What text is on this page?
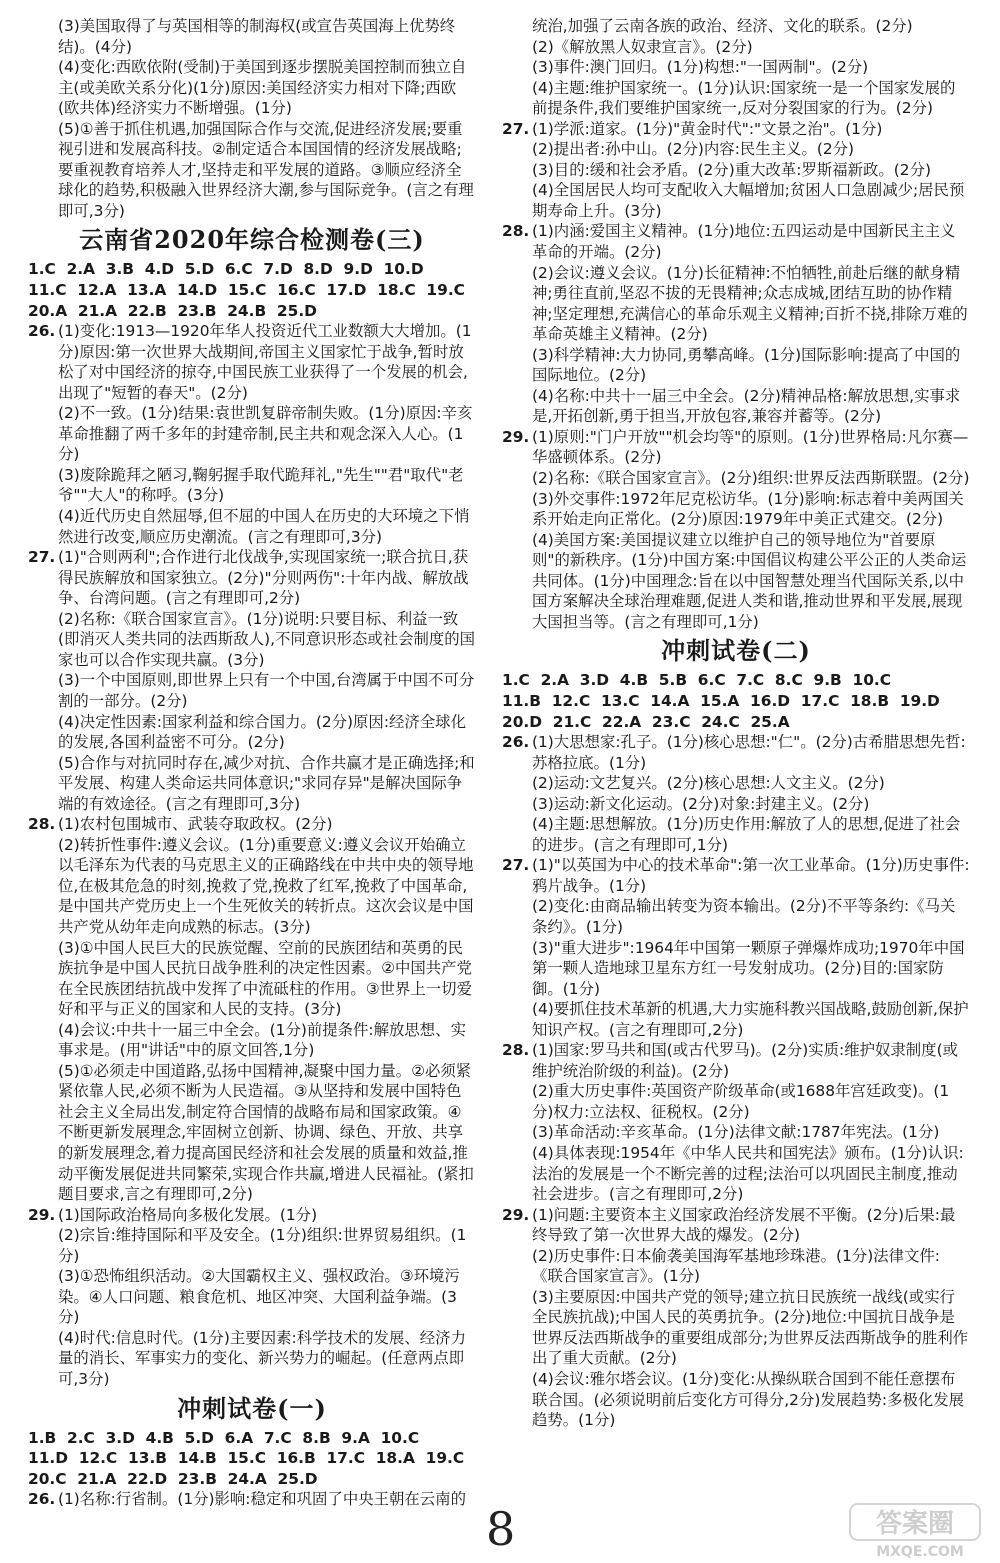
(3)美国取得了与英国相等的制海权(或宣告英国海上优势终结)。(4分)

(4)变化:西欧依附(受制)于美国到逐步摆脱美国控制而独立自主(或美欧关系分化)(1分)原因:美国经济实力相对下降;西欧(欧共体)经济实力不断增强。(1分)

(5)①善于抓住机遇,加强国际合作与交流,促进经济发展;要重视引进和发展高科技。②制定适合本国国情的经济发展战略;要重视教育培养人才,坚持走和平发展的道路。③顺应经济全球化的趋势,积极融入世界经济大潮,参与国际竞争。(言之有理即可,3分)

云南省2020年综合检测卷(三)

1.C  2.A  3.B  4.D  5.D  6.C  7.D  8.D  9.D  10.D

11.C  12.A  13.A  14.D  15.C  16.C  17.D  18.C  19.C

20.A  21.A  22.B  23.B  24.B  25.D

26. (1)变化:1913—1920年华人投资近代工业数额大大增加。(1分)原因:第一次世界大战期间,帝国主义国家忙于战争,暂时放松了对中国经济的掠夺,中国民族工业获得了一个发展的机会,出现了"短暂的春天"。(2分)

(2)不一致。(1分)结果:袁世凯复辟帝制失败。(1分)原因:辛亥革命推翻了两千多年的封建帝制,民主共和观念深入人心。(1分)

(3)废除跪拜之陋习,鞠躬握手取代跪拜礼,"先生""君"取代"老爷""大人"的称呼。(3分)

(4)近代历史自然屈辱,但不屈的中国人在历史的大环境之下悄然进行改变,顺应历史潮流。(言之有理即可,3分)

27. (1)"合则两利";合作进行北伐战争,实现国家统一;联合抗日,获得民族解放和国家独立。(2分)"分则两伤":十年内战、解放战争、台湾问题。(言之有理即可,2分)

(2)名称:《联合国家宣言》。(1分)说明:只要目标、利益一致(即消灭人类共同的法西斯敌人),不同意识形态或社会制度的国家也可以合作实现共赢。(3分)

(3)一个中国原则,即世界上只有一个中国,台湾属于中国不可分割的一部分。(2分)

(4)决定性因素:国家利益和综合国力。(2分)原因:经济全球化的发展,各国利益密不可分。(2分)

(5)合作与对抗同时存在,减少对抗、合作共赢才是正确选择;和平发展、构建人类命运共同体意识;"求同存异"是解决国际争端的有效途径。(言之有理即可,3分)

28. (1)农村包围城市、武装夺取政权。(2分)

(2)转折性事件:遵义会议。(1分)重要意义:遵义会议开始确立以毛泽东为代表的马克思主义的正确路线在中共中央的领导地位,在极其危急的时刻,挽救了党,挽救了红军,挽救了中国革命,是中国共产党历史上一个生死攸关的转折点。这次会议是中国共产党从幼年走向成熟的标志。(3分)

(3)①中国人民巨大的民族觉醒、空前的民族团结和英勇的民族抗争是中国人民抗日战争胜利的决定性因素。②中国共产党在全民族团结抗战中发挥了中流砥柱的作用。③世界上一切爱好和平与正义的国家和人民的支持。(3分)

(4)会议:中共十一届三中全会。(1分)前提条件:解放思想、实事求是。(用"讲话"中的原文回答,1分)

(5)①必须走中国道路,弘扬中国精神,凝聚中国力量。②必须紧紧依靠人民,必须不断为人民造福。③从坚持和发展中国特色社会主义全局出发,制定符合国情的战略布局和国家政策。④不断更新发展理念,牢固树立创新、协调、绿色、开放、共享的新发展理念,着力提高国民经济和社会发展的质量和效益,推动平衡发展促进共同繁荣,实现合作共赢,增进人民福祉。(紧扣题目要求,言之有理即可,2分)

29. (1)国际政治格局向多极化发展。(1分)

(2)宗旨:维持国际和平及安全。(1分)组织:世界贸易组织。(1分)

(3)①恐怖组织活动。②大国霸权主义、强权政治。③环境污染。④人口问题、粮食危机、地区冲突、大国利益争端。(3分)

(4)时代:信息时代。(1分)主要因素:科学技术的发展、经济力量的消长、军事实力的变化、新兴势力的崛起。(任意两点即可,3分)

冲刺试卷(一)

1.B  2.C  3.D  4.B  5.D  6.A  7.C  8.B  9.A  10.C

11.D  12.C  13.B  14.B  15.C  16.B  17.C  18.A  19.C

20.C  21.A  22.D  23.B  24.A  25.D

26. (1)名称:行省制。(1分)影响:稳定和巩固了中央王朝在云南的

统治,加强了云南各族的政治、经济、文化的联系。(2分)

(2)《解放黑人奴隶宣言》。(2分)

(3)事件:澳门回归。(1分)构想:"一国两制"。(2分)

(4)主题:维护国家统一。(1分)认识:国家统一是一个国家发展的前提条件,我们要维护国家统一,反对分裂国家的行为。(2分)

27. (1)学派:道家。(1分)"黄金时代":"文景之治"。(1分)

(2)提出者:孙中山。(2分)内容:民生主义。(2分)

(3)目的:缓和社会矛盾。(2分)重大改革:罗斯福新政。(2分)

(4)全国居民人均可支配收入大幅增加;贫困人口急剧减少;居民预期寿命上升。(3分)

28. (1)内涵:爱国主义精神。(1分)地位:五四运动是中国新民主主义革命的开端。(2分)

(2)会议:遵义会议。(1分)长征精神:不怕牺牲,前赴后继的献身精神;勇往直前,坚忍不拔的无畏精神;众志成城,团结互助的协作精神;坚定理想,充满信心的革命乐观主义精神;百折不挠,排除万难的革命英雄主义精神。(2分)

(3)科学精神:大力协同,勇攀高峰。(1分)国际影响:提高了中国的国际地位。(2分)

(4)名称:中共十一届三中全会。(2分)精神品格:解放思想,实事求是,开拓创新,勇于担当,开放包容,兼容并蓄等。(2分)

29. (1)原则:"门户开放""机会均等"的原则。(1分)世界格局:凡尔赛—华盛顿体系。(2分)

(2)名称:《联合国家宣言》。(2分)组织:世界反法西斯联盟。(2分)

(3)外交事件:1972年尼克松访华。(1分)影响:标志着中美两国关系开始走向正常化。(2分)原因:1979年中美正式建交。(2分)

(4)美国方案:美国提议建立以维护自己的领导地位为"首要原则"的新秩序。(1分)中国方案:中国倡议构建公平公正的人类命运共同体。(1分)中国理念:旨在以中国智慧处理当代国际关系,以中国方案解决全球治理难题,促进人类和谐,推动世界和平发展,展现大国担当等。(言之有理即可,1分)

冲刺试卷(二)

1.C  2.A  3.D  4.B  5.B  6.C  7.C  8.C  9.B  10.C

11.B  12.C  13.C  14.A  15.A  16.D  17.C  18.B  19.D

20.D  21.C  22.A  23.C  24.C  25.A

26. (1)大思想家:孔子。(1分)核心思想:"仁"。(2分)古希腊思想先哲:苏格拉底。(1分)

(2)运动:文艺复兴。(2分)核心思想:人文主义。(2分)

(3)运动:新文化运动。(2分)对象:封建主义。(2分)

(4)主题:思想解放。(1分)历史作用:解放了人的思想,促进了社会的进步。(言之有理即可,1分)

27. (1)"以英国为中心的技术革命":第一次工业革命。(1分)历史事件:鸦片战争。(1分)

(2)变化:由商品输出转变为资本输出。(2分)不平等条约:《马关条约》。(1分)

(3)"重大进步":1964年中国第一颗原子弹爆炸成功;1970年中国第一颗人造地球卫星东方红一号发射成功。(2分)目的:国家防御。(1分)

(4)要抓住技术革新的机遇,大力实施科教兴国战略,鼓励创新,保护知识产权。(言之有理即可,2分)

28. (1)国家:罗马共和国(或古代罗马)。(2分)实质:维护奴隶制度(或维护统治阶级的利益)。(2分)

(2)重大历史事件:英国资产阶级革命(或1688年宫廷政变)。(1分)权力:立法权、征税权。(2分)

(3)革命活动:辛亥革命。(1分)法律文献:1787年宪法。(1分)

(4)具体表现:1954年《中华人民共和国宪法》颁布。(1分)认识:法治的发展是一个不断完善的过程;法治可以巩固民主制度,推动社会进步。(言之有理即可,2分)

29. (1)问题:主要资本主义国家政治经济发展不平衡。(2分)后果:最终导致了第一次世界大战的爆发。(2分)

(2)历史事件:日本偷袭美国海军基地珍珠港。(1分)法律文件:《联合国家宣言》。(1分)

(3)主要原因:中国共产党的领导;建立抗日民族统一战线(或实行全民族抗战);中国人民的英勇抗争。(2分)地位:中国抗日战争是世界反法西斯战争的重要组成部分;为世界反法西斯战争的胜利作出了重大贡献。(2分)

(4)会议:雅尔塔会议。(1分)变化:从操纵联合国到不能任意摆布联合国。(必须说明前后变化方可得分,2分)发展趋势:多极化发展趋势。(1分)

8	答案圈
MXQE.COM
